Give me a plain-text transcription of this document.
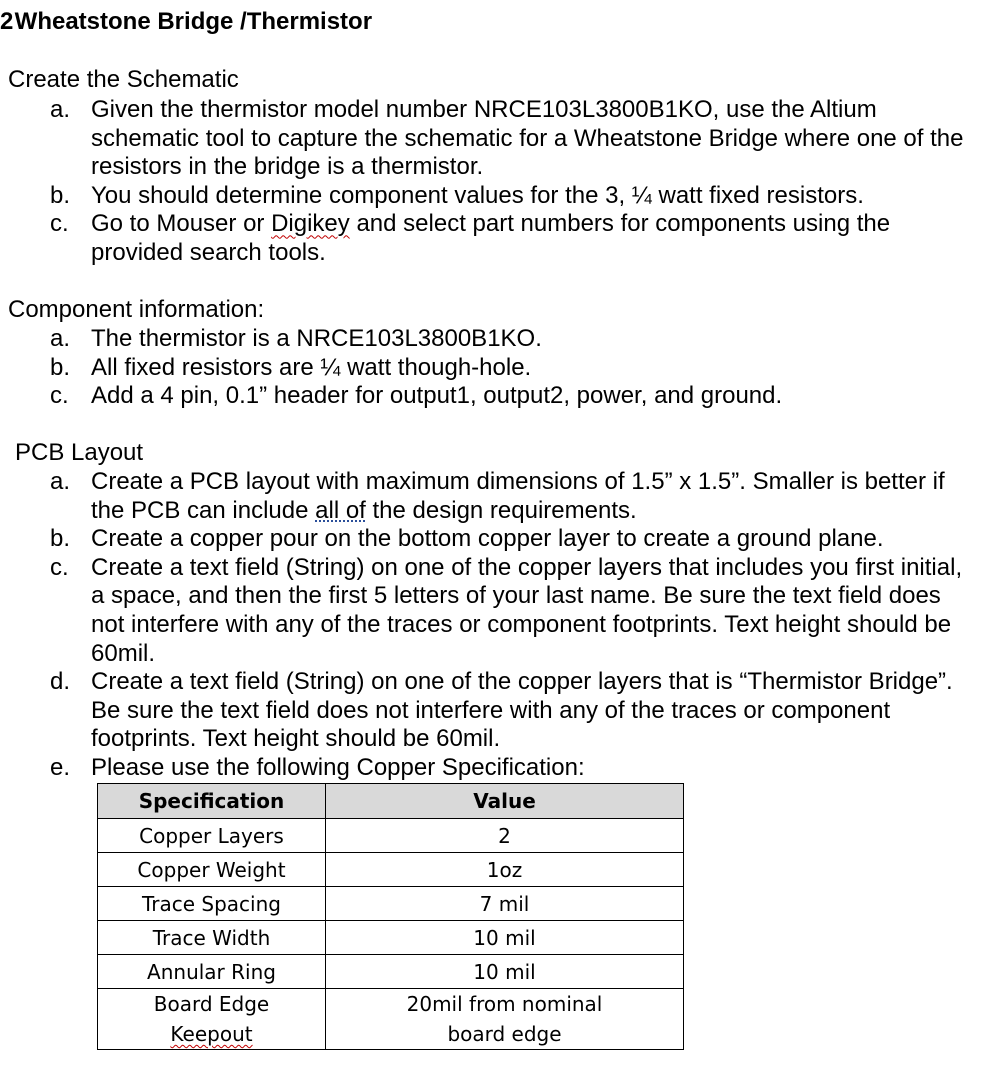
2 Wheatstone Bridge /Thermistor
Create the Schematic
a. Given the thermistor model number NRCE103L3800B1KO, use the Altium schematic tool to capture the schematic for a Wheatstone Bridge where one of the resistors in the bridge is a thermistor.
b. You should determine component values for the 3, ¼ watt fixed resistors.
c. Go to Mouser or Digikey and select part numbers for components using the provided search tools.
Component information:
a. The thermistor is a NRCE103L3800B1KO.
b. All fixed resistors are ¼ watt though-hole.
c. Add a 4 pin, 0.1” header for output1, output2, power, and ground.
PCB Layout
a. Create a PCB layout with maximum dimensions of 1.5” x 1.5”. Smaller is better if the PCB can include all of the design requirements.
b. Create a copper pour on the bottom copper layer to create a ground plane.
c. Create a text field (String) on one of the copper layers that includes you first initial, a space, and then the first 5 letters of your last name. Be sure the text field does not interfere with any of the traces or component footprints. Text height should be 60mil.
d. Create a text field (String) on one of the copper layers that is “Thermistor Bridge”. Be sure the text field does not interfere with any of the traces or component footprints. Text height should be 60mil.
e. Please use the following Copper Specification:
Specification	Value
Copper Layers	2
Copper Weight	1oz
Trace Spacing	7 mil
Trace Width	10 mil
Annular Ring	10 mil
Board Edge
Keepout	20mil from nominal
board edge
